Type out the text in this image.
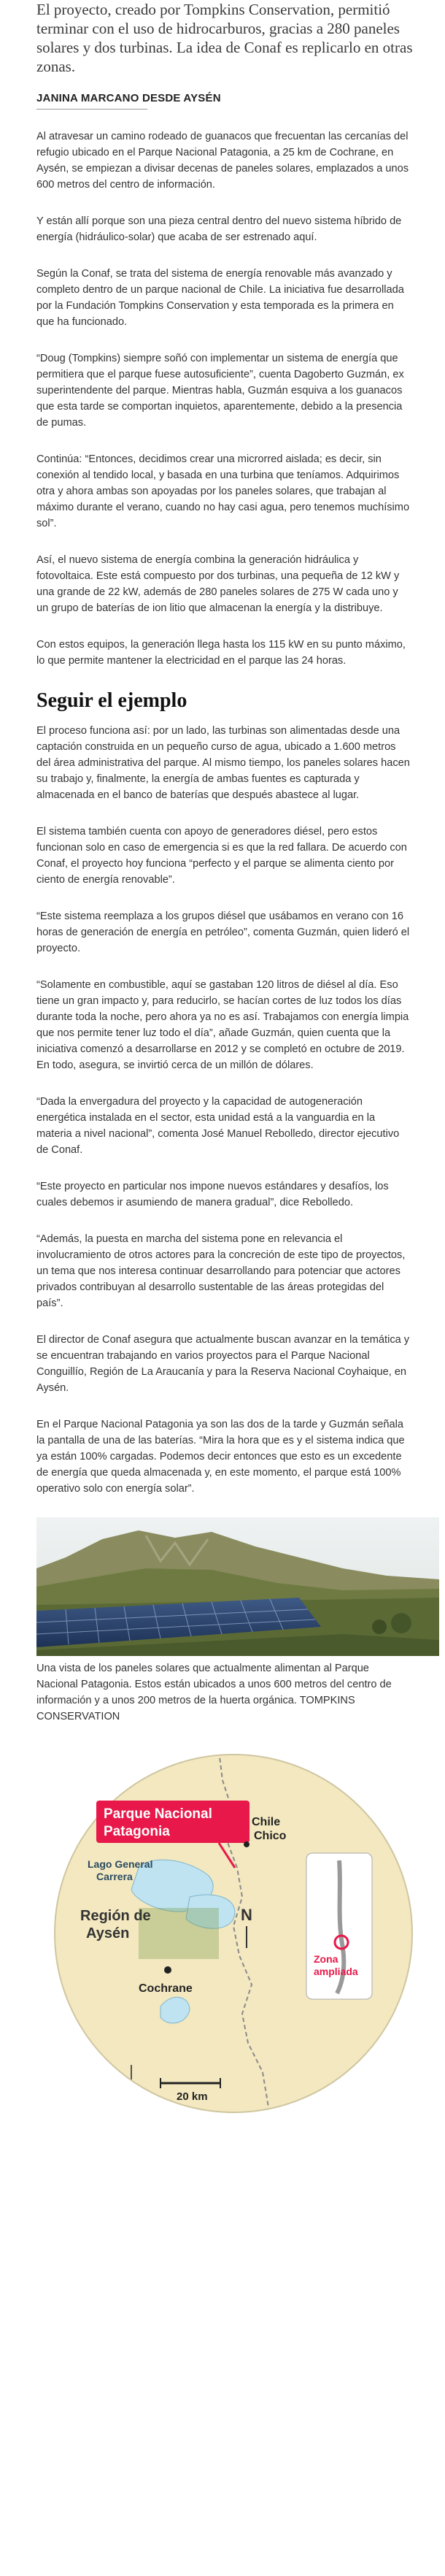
El proyecto, creado por Tompkins Conservation, permitió terminar con el uso de hidrocarburos, gracias a 280 paneles solares y dos turbinas. La idea de Conaf es replicarlo en otras zonas.

JANINA MARCANO DESDE AYSÉN

Al atravesar un camino rodeado de guanacos que frecuentan las cercanías del refugio ubicado en el Parque Nacional Patagonia, a 25 km de Cochrane, en Aysén, se empiezan a divisar decenas de paneles solares, emplazados a unos 600 metros del centro de información.

Y están allí porque son una pieza central dentro del nuevo sistema híbrido de energía (hidráulico-solar) que acaba de ser estrenado aquí.

Según la Conaf, se trata del sistema de energía renovable más avanzado y completo dentro de un parque nacional de Chile. La iniciativa fue desarrollada por la Fundación Tompkins Conservation y esta temporada es la primera en que ha funcionado.

“Doug (Tompkins) siempre soñó con implementar un sistema de energía que permitiera que el parque fuese autosuficiente”, cuenta Dagoberto Guzmán, ex superintendente del parque. Mientras habla, Guzmán esquiva a los guanacos que esta tarde se comportan inquietos, aparentemente, debido a la presencia de pumas.

Continúa: “Entonces, decidimos crear una microrred aislada; es decir, sin conexión al tendido local, y basada en una turbina que teníamos. Adquirimos otra y ahora ambas son apoyadas por los paneles solares, que trabajan al máximo durante el verano, cuando no hay casi agua, pero tenemos muchísimo sol”.

Así, el nuevo sistema de energía combina la generación hidráulica y fotovoltaica. Este está compuesto por dos turbinas, una pequeña de 12 kW y una grande de 22 kW, además de 280 paneles solares de 275 W cada uno y un grupo de baterías de ion litio que almacenan la energía y la distribuye.

Con estos equipos, la generación llega hasta los 115 kW en su punto máximo, lo que permite mantener la electricidad en el parque las 24 horas.

Seguir el ejemplo

El proceso funciona así: por un lado, las turbinas son alimentadas desde una captación construida en un pequeño curso de agua, ubicado a 1.600 metros del área administrativa del parque. Al mismo tiempo, los paneles solares hacen su trabajo y, finalmente, la energía de ambas fuentes es capturada y almacenada en el banco de baterías que después abastece al lugar.

El sistema también cuenta con apoyo de generadores diésel, pero estos funcionan solo en caso de emergencia si es que la red fallara. De acuerdo con Conaf, el proyecto hoy funciona “perfecto y el parque se alimenta ciento por ciento de energía renovable”.

“Este sistema reemplaza a los grupos diésel que usábamos en verano con 16 horas de generación de energía en petróleo”, comenta Guzmán, quien lideró el proyecto.

“Solamente en combustible, aquí se gastaban 120 litros de diésel al día. Eso tiene un gran impacto y, para reducirlo, se hacían cortes de luz todos los días durante toda la noche, pero ahora ya no es así. Trabajamos con energía limpia que nos permite tener luz todo el día”, añade Guzmán, quien cuenta que la iniciativa comenzó a desarrollarse en 2012 y se completó en octubre de 2019. En todo, asegura, se invirtió cerca de un millón de dólares.

“Dada la envergadura del proyecto y la capacidad de autogeneración energética instalada en el sector, esta unidad está a la vanguardia en la materia a nivel nacional”, comenta José Manuel Rebolledo, director ejecutivo de Conaf.

“Este proyecto en particular nos impone nuevos estándares y desafíos, los cuales debemos ir asumiendo de manera gradual”, dice Rebolledo.

“Además, la puesta en marcha del sistema pone en relevancia el involucramiento de otros actores para la concreción de este tipo de proyectos, un tema que nos interesa continuar desarrollando para potenciar que actores privados contribuyan al desarrollo sustentable de las áreas protegidas del país”.

El director de Conaf asegura que actualmente buscan avanzar en la temática y se encuentran trabajando en varios proyectos para el Parque Nacional Conguillío, Región de La Araucanía y para la Reserva Nacional Coyhaique, en Aysén.

En el Parque Nacional Patagonia ya son las dos de la tarde y Guzmán señala la pantalla de una de las baterías. “Mira la hora que es y el sistema indica que ya están 100% cargadas. Podemos decir entonces que esto es un excedente de energía que queda almacenada y, en este momento, el parque está 100% operativo solo con energía solar”.

Una vista de los paneles solares que actualmente alimentan al Parque Nacional Patagonia. Estos están ubicados a unos 600 metros del centro de información y a unos 200 metros de la huerta orgánica. TOMPKINS CONSERVATION

Parque Nacional
Patagonia
Chile
Chico
Lago General
Carrera
Región de
Aysén
Cochrane
N
Zona
ampliada
20 km
